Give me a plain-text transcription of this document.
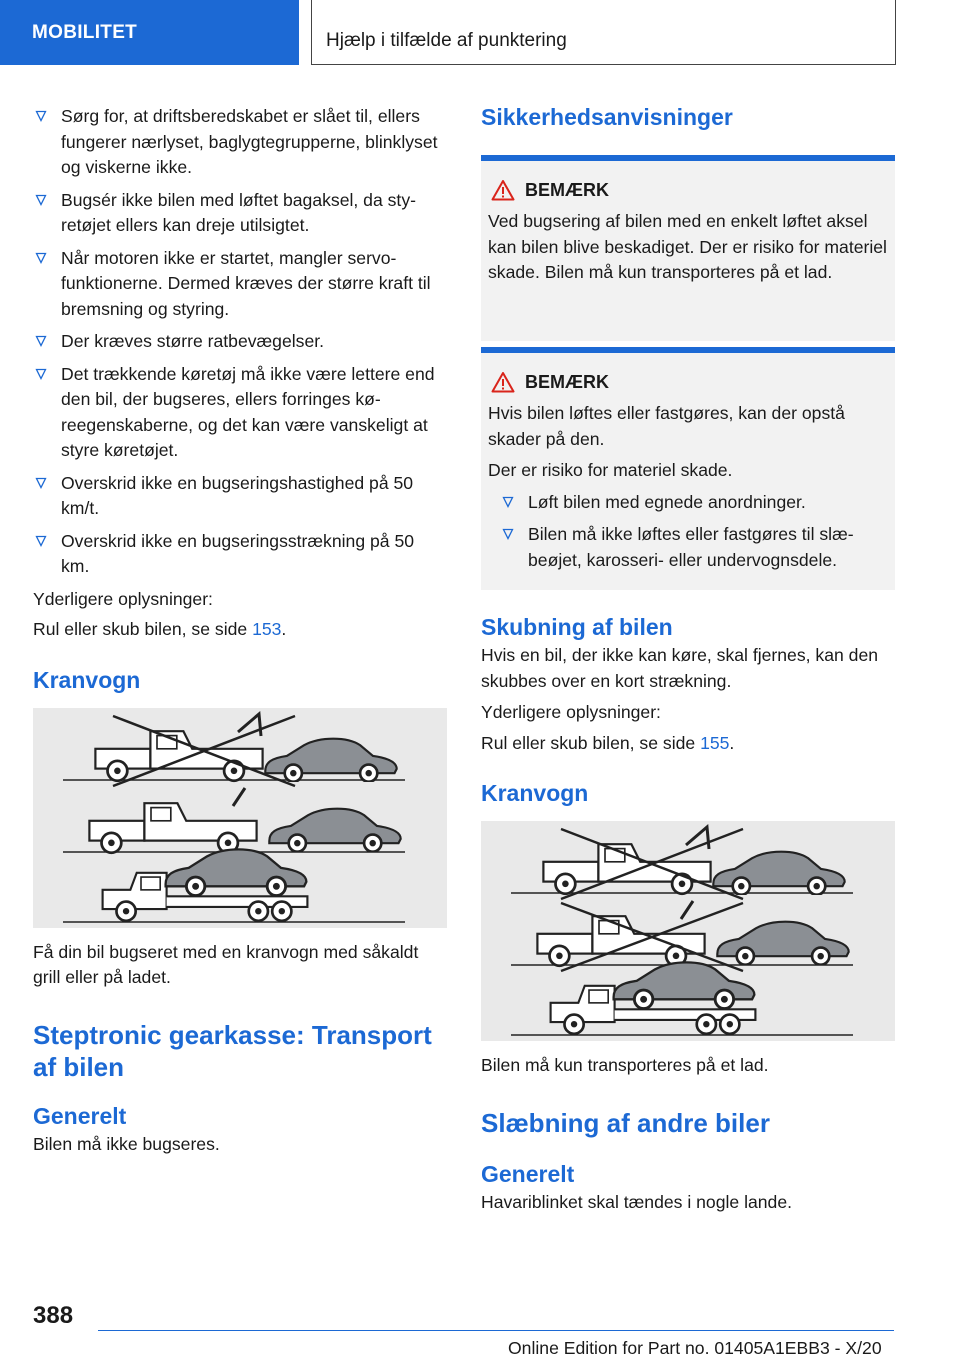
MOBILITET	Hjælp i tilfælde af punktering
Sørg for, at driftsberedskabet er slået til, ellers fungerer nærlyset, baglygtegrupperne, blinklyset og viskerne ikke.
Bugsér ikke bilen med løftet bagaksel, da styretøjet ellers kan dreje utilsigtet.
Når motoren ikke er startet, mangler servofunktionerne. Dermed kræves der større kraft til bremsning og styring.
Der kræves større ratbevægelser.
Det trækkende køretøj må ikke være lettere end den bil, der bugseres, ellers forringes køreegenskaberne, og det kan være vanskeligt at styre køretøjet.
Overskrid ikke en bugseringshastighed på 50 km/t.
Overskrid ikke en bugseringsstrækning på 50 km.

Yderligere oplysninger:

Rul eller skub bilen, se side 153.

Kranvogn

Få din bil bugseret med en kranvogn med såkaldt grill eller på ladet.

Steptronic gearkasse: Transport af bilen
Generelt

Bilen må ikke bugseres.

Sikkerhedsanvisninger
BEMÆRK

Ved bugsering af bilen med en enkelt løftet aksel kan bilen blive beskadiget. Der er risiko for materiel skade. Bilen må kun transporteres på et lad.

BEMÆRK

Hvis bilen løftes eller fastgøres, kan der opstå skader på den.

Der er risiko for materiel skade.

Løft bilen med egnede anordninger.
Bilen må ikke løftes eller fastgøres til slæbeøjet, karosseri- eller undervognsdele.
Skubning af bilen

Hvis en bil, der ikke kan køre, skal fjernes, kan den skubbes over en kort strækning.

Yderligere oplysninger:

Rul eller skub bilen, se side 155.

Kranvogn

Bilen må kun transporteres på et lad.

Slæbning af andre biler
Generelt

Havariblinket skal tændes i nogle lande.

388
Online Edition for Part no. 01405A1EBB3 - X/20
